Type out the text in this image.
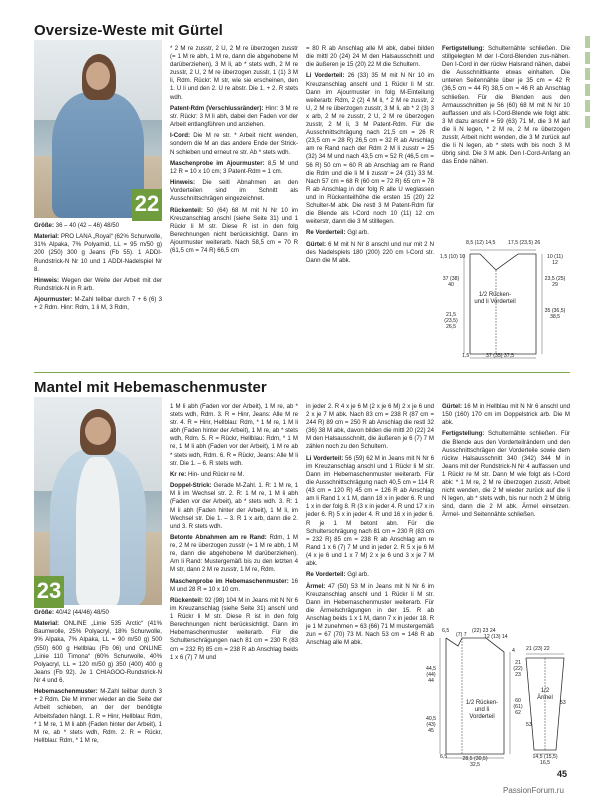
Oversize-Weste mit Gürtel
22

Größe: 36 – 40 (42 – 46) 48/50

Material: PRO LANA „Royal“ (62% Schurwolle, 31% Alpaka, 7% Polyamid, LL = 95 m/50 g) 200 (250) 300 g Jeans (Fb 55). 1 ADDI-Rundstrick-N Nr 10 und 1 ADDI-Nadelspiel Nr 8.

Hinweis: Wegen der Weite der Arbeit mit der Rundstrick-N in R arb.

Ajourmuster: M-Zahl teilbar durch 7 + 6 (6) 3 + 2 Rdm. Hinr: Rdm, 1 li M, 3 Rdm,

* 2 M re zusstr, 2 U, 2 M re überzogen zusstr (= 1 M re abh, 1 M re, dann die abgehobene M darüberziehen), 3 M li, ab * stets wdh, 2 M re zusstr, 2 U, 2 M re überzogen zusstr, 1 (1) 3 M li, Rdm. Rückr: M str, wie sie erscheinen, den 1. U li und den 2. U re abstr. Die 1. + 2. R stets wdh.

Patent-Rdm (Verschlussränder): Hinr: 3 M re str. Rückr: 3 M li abh, dabei den Faden vor der Arbeit entlangführen und anziehen.

I-Cord: Die M re str. * Arbeit nicht wenden, sondern die M an das andere Ende der Strick-N schieben und erneut re str. Ab * stets wdh.

Maschenprobe im Ajourmuster: 8,5 M und 12 R = 10 x 10 cm; 3 Patent-Rdm = 1 cm.

Hinweis: Die seitl Abnahmen an den Vorderteilen sind im Schnitt als Ausschnittschrägen eingezeichnet.

Rückenteil: 50 (64) 68 M mit N Nr 10 im Kreuzanschlag anschl (siehe Seite 31) und 1 Rückr li M str. Diese R ist in den folg Berechnungen nicht berücksichtigt. Dann im Ajourmuster weiterarb. Nach 58,5 cm = 70 R (61,5 cm = 74 R) 66,5 cm

= 80 R ab Anschlag alle M abk, dabei bilden die mittl 20 (24) 24 M den Halsausschnitt und die äußeren je 15 (20) 22 M die Schultern.

Li Vorderteil: 26 (33) 35 M mit N Nr 10 im Kreuzanschlag anschl und 1 Rückr li M str. Dann im Ajourmuster in folg M-Einteilung weiterarb: Rdm, 2 (2) 4 M li, * 2 M re zusstr, 2 U, 2 M re überzogen zusstr, 3 M li, ab * 2 (3) 3 x arb, 2 M re zusstr, 2 U, 2 M re überzogen zusstr, 2 M li, 3 M Patent-Rdm. Für die Ausschnittschrägung nach 21,5 cm = 26 R (23,5 cm = 28 R) 26,5 cm = 32 R ab Anschlag am re Rand nach der Rdm 2 M li zusstr = 25 (32) 34 M und nach 43,5 cm = 52 R (46,5 cm = 56 R) 50 cm = 60 R ab Anschlag am re Rand die Rdm und die li M li zusstr = 24 (31) 33 M. Nach 57 cm = 68 R (60 cm = 72 R) 65 cm = 78 R ab Anschlag in der folg R alle U weglassen und in Rückenteilhöhe die ersten 15 (20) 22 Schulter-M abk. Die restl 3 M Patent-Rdm für die Blende als I-Cord noch 10 (11) 12 cm weiterstr, dann die 3 M stilllegen.

Re Vorderteil: Ggl arb.

Gürtel: 6 M mit N Nr 8 anschl und nur mit 2 N des Nadelspiels 180 (200) 220 cm I-Cord str. Dann die M abk.

Fertigstellung: Schulternähte schließen. Die stillgelegten M der I-Cord-Blenden zus-nähen. Den I-Cord in der rückw Halsrand nähen, dabei die Ausschnittkante etwas einhalten. Die unteren Seitennähte über je 35 cm = 42 R (36,5 cm = 44 R) 38,5 cm = 46 R ab Anschlag schließen. Für die Blenden aus den Armausschnitten je 56 (60) 68 M mit N Nr 10 auffassen und als I-Cord-Blende wie folgt abk: 3 M dazu anschl = 59 (63) 71 M, die 3 M auf die li N legen, * 2 M re, 2 M re überzogen zusstr, Arbeit nicht wenden, die 3 M zurück auf die li N legen, ab * stets wdh bis noch 3 M übrig sind. Die 3 M abk. Den I-Cord-Anfang an das Ende nähen.

8,5 (12) 14,5 17,5 (23,5) 26
1,5 (10) 10
37 (38) 40
21,5 (23,5) 26,5
10 (11) 12
23,5 (25) 29
35 (36,5) 38,5
1/2 Rücken- und li Vorderteil
37 (35) 37,5
1,5
Mantel mit Hebemaschenmuster
23

Größe: 40/42 (44/46) 48/50

Material: ONLINE „Linie 535 Arctic“ (41% Baumwolle, 25% Polyacryl, 18% Schurwolle, 9% Alpaka, 7% Alpaka, LL = 90 m/50 g) 500 (550) 600 g Hellblau (Fb 06) und ONLINE „Linie 110 Timona“ (60% Schurwolle, 40% Polyacryl, LL = 120 m/50 g) 350 (400) 400 g Jeans (Fb 92). Je 1 CHIAGOO-Rundstrick-N Nr 4 und 6.

Hebemaschenmuster: M-Zahl teilbar durch 3 + 2 Rdm. Die M immer wieder an die Seite der Arbeit schieben, an der der benötigte Arbeitsfaden hängt. 1. R = Hinr, Hellblau: Rdm, * 1 M re, 1 M li abh (Faden hinter der Arbeit), 1 M re, ab * stets wdh, Rdm. 2. R = Rückr, Hellblau: Rdm, * 1 M re,

1 M li abh (Faden vor der Arbeit), 1 M re, ab * stets wdh, Rdm. 3. R = Hinr, Jeans: Alle M re str. 4. R = Hinr, Hellblau: Rdm, * 1 M re, 1 M li abh (Faden hinter der Arbeit), 1 M re, ab * stets wdh, Rdm. 5. R = Rückr, Hellblau: Rdm, * 1 M re, 1 M li abh (Faden vor der Arbeit), 1 M re ab * stets wdh, Rdm. 6. R = Rückr, Jeans: Alle M li str. Die 1. – 6. R stets wdh.

Kr re: Hin- und Rückr re M.

Doppel-Strick: Gerade M-Zahl. 1. R: 1 M re, 1 M li im Wechsel str. 2. R: 1 M re, 1 M li abh (Faden vor der Arbeit), ab * stets wdh. 3. R: 1 M li abh (Faden hinter der Arbeit), 1 M li, im Wechsel str. Die 1. – 3. R 1 x arb, dann die 2. und 3. R stets wdh.

Betonte Abnahmen am re Rand: Rdm, 1 M re, 2 M re überzogen zusstr (= 1 M re abh, 1 M re, dann die abgehobene M darüberziehen). Am li Rand: Mustergemäß bis zu den letzten 4 M str, dann 2 M re zusstr, 1 M re, Rdm.

Maschenprobe im Hebemaschenmuster: 16 M und 28 R = 10 x 10 cm.

Rückenteil: 92 (98) 104 M in Jeans mit N Nr 6 im Kreuzanschlag (siehe Seite 31) anschl und 1 Rückr li M str. Diese R ist in den folg Berechnungen nicht berücksichtigt. Dann im Hebemaschenmuster weiterarb. Für die Schulterschrägungen nach 81 cm = 230 R (83 cm = 232 R) 85 cm = 238 R ab Anschlag beids 1 x 6 (7) 7 M und

in jeder 2. R 4 x je 6 M (2 x je 6 M) 2 x je 6 und 2 x je 7 M abk. Nach 83 cm = 238 R (87 cm = 244 R) 89 cm = 250 R ab Anschlag die restl 32 (36) 38 M abk, davon bilden die mittl 20 (22) 24 M den Halsausschnitt, die äußeren je 6 (7) 7 M zählen noch zu den Schultern.

Li Vorderteil: 56 (59) 62 M in Jeans mit N Nr 6 im Kreuzanschlag anschl und 1 Rückr li M str. Dann im Hebemaschenmuster weiterarb. Für die Ausschnittschrägung nach 40,5 cm = 114 R (43 cm = 120 R) 45 cm = 126 R ab Anschlag am li Rand 1 x 1 M, dann 18 x in jeder 6. R und 1 x in der folg 8. R (3 x in jeder 4. R und 17 x in jeder 6. R) 5 x in jeder 4. R und 16 x in jeder 6. R je 1 M betont abn. Für die Schulterschrägung nach 81 cm = 230 R (83 cm = 232 R) 85 cm = 238 R ab Anschlag am re Rand 1 x 6 (7) 7 M und in jeder 2. R 5 x je 6 M (4 x je 6 und 1 x 7 M) 2 x je 6 und 3 x je 7 M abk.

Re Vorderteil: Ggl arb.

Ärmel: 47 (50) 53 M in Jeans mit N Nr 6 im Kreuzanschlag anschl und 1 Rückr li M str. Dann im Hebemaschenmuster weiterarb. Für die Ärmelschrägungen in der 15. R ab Anschlag beids 1 x 1 M, dann 7 x in jeder 18. R je 1 M zunehmen = 63 (66) 71 M mustergemäß zun = 67 (70) 73 M. Nach 53 cm = 148 R ab Anschlag alle M abk.

Gürtel: 16 M in Hellblau mit N Nr 6 anschl und 150 (160) 170 cm im Doppelstrick arb. Die M abk.

Fertigstellung: Schulternähte schließen. Für die Blende aus den Vorderteilrändern und den Ausschnittschrägen der Vorderteile sowie dem rückw Halsausschnitt 340 (342) 344 M in Jeans mit der Rundstrick-N Nr 4 auffassen und 1 Rückr re M str. Dann M wie folgt als I-Cord abk: * 1 M re, 2 M re überzogen zusstr, Arbeit nicht wenden, die 2 M wieder zurück auf die li N legen, ab * stets wdh, bis nur noch 2 M übrig sind, dann die 2 M abk. Ärmel einsetzen. Ärmel- und Seitennähte schließen.

6,5
(7) 7
(22) 23 24
12 (13) 14
44,5 (44) 44
40,5 (43) 45
4
21 (22) 23
60 (61) 62
53
1/2 Rücken- und li Vorderteil
28,5 (30,5) 32,5
6,5
21 (23) 22
1/2 Ärmel
53
14,5 (15,5) 16,5
45
PassionForum.ru
